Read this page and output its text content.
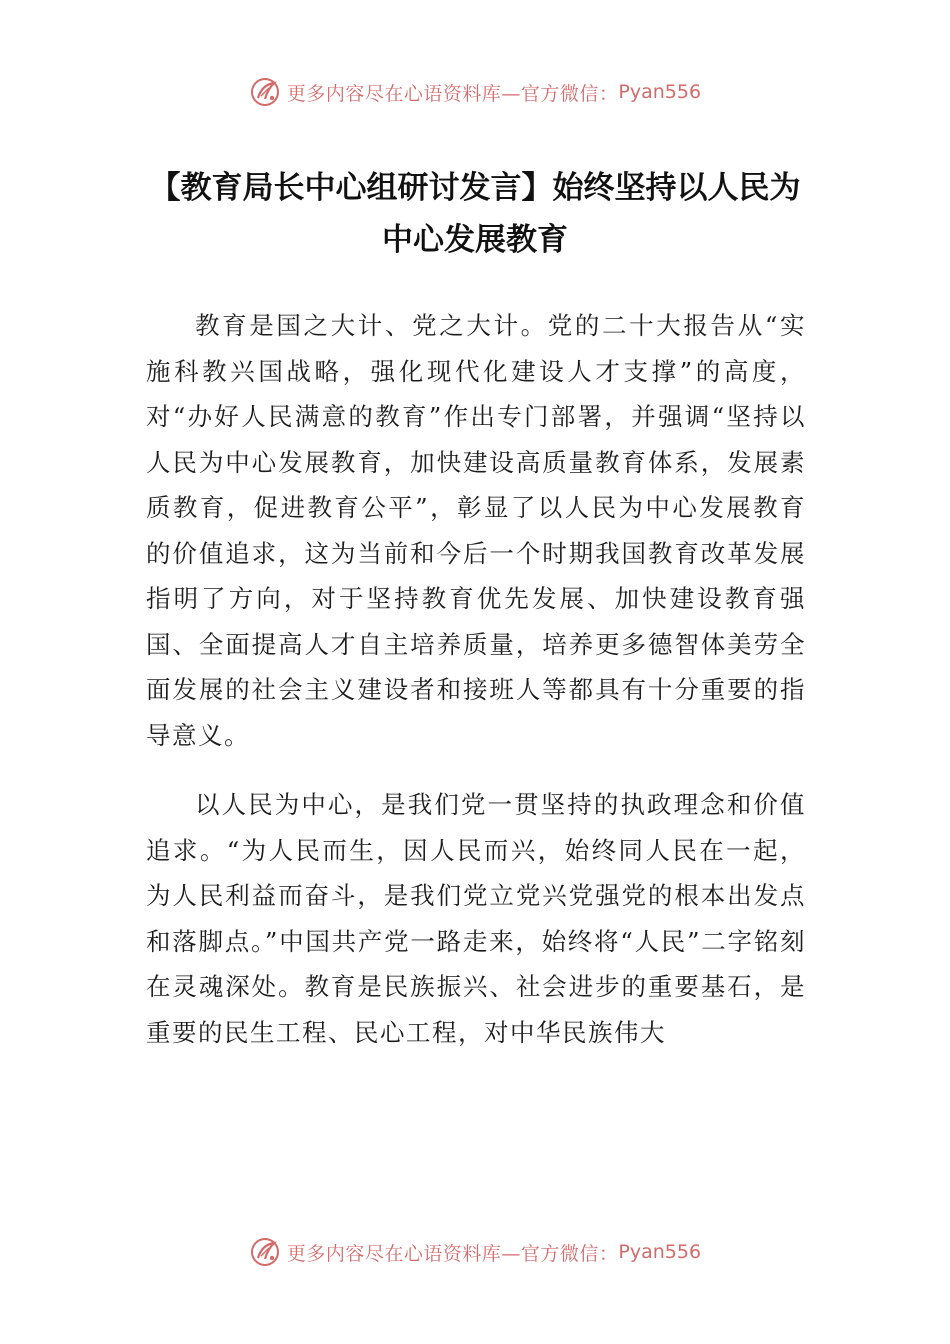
更多内容尽在心语资料库—官方微信： Pyan556
【教育局长中心组研讨发言】始终坚持以人民为中心发展教育

教育是国之大计、党之大计。党的二十大报告从“实施科教兴国战略，强化现代化建设人才支撑”的高度，对“办好人民满意的教育”作出专门部署，并强调“坚持以人民为中心发展教育，加快建设高质量教育体系，发展素质教育，促进教育公平”，彰显了以人民为中心发展教育的价值追求，这为当前和今后一个时期我国教育改革发展指明了方向，对于坚持教育优先发展、加快建设教育强国、全面提高人才自主培养质量，培养更多德智体美劳全面发展的社会主义建设者和接班人等都具有十分重要的指导意义。

以人民为中心，是我们党一贯坚持的执政理念和价值追求。“为人民而生，因人民而兴，始终同人民在一起，为人民利益而奋斗，是我们党立党兴党强党的根本出发点和落脚点。”中国共产党一路走来，始终将“人民”二字铭刻在灵魂深处。教育是民族振兴、社会进步的重要基石，是重要的民生工程、民心工程，对中华民族伟大

更多内容尽在心语资料库—官方微信： Pyan556
